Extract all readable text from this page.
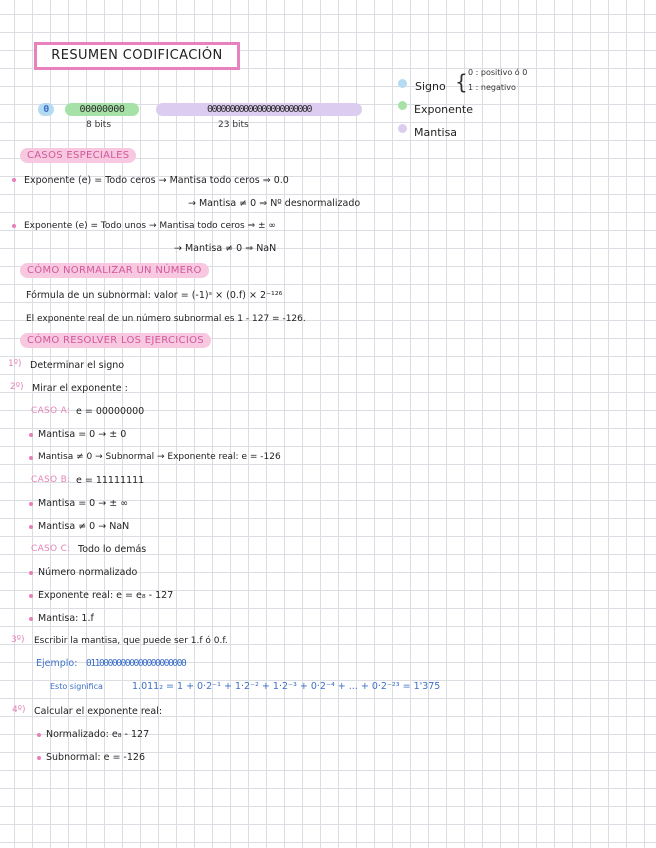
RESUMEN CODIFICACIÓN
Signo { 0 : positivo ó 0
1 : negativo
Exponente
Mantisa
0	00000000	00000000000000000000000
8 bits	23 bits
CASOS ESPECIALES
Exponente (e) = Todo ceros → Mantisa todo ceros ⇒ 0.0
→ Mantisa ≠ 0 ⇒ Nº desnormalizado
Exponente (e) = Todo unos → Mantisa todo ceros ⇒ ± ∞
→ Mantisa ≠ 0 ⇒ NaN
CÓMO NORMALIZAR UN NÚMERO
Fórmula de un subnormal: valor = (-1)ˢ × (0.f) × 2⁻¹²⁶
El exponente real de un número subnormal es 1 - 127 = -126.
CÓMO RESOLVER LOS EJERCICIOS
1º) Determinar el signo
2º) Mirar el exponente :
CASO A: e = 00000000
Mantisa = 0 → ± 0
Mantisa ≠ 0 → Subnormal → Exponente real: e = -126
CASO B: e = 11111111
Mantisa = 0 → ± ∞
Mantisa ≠ 0 → NaN
CASO C: Todo lo demás
Número normalizado
Exponente real: e = e₈ - 127
Mantisa: 1.f
3º) Escribir la mantisa, que puede ser 1.f ó 0.f.
Ejemplo: 01100000000000000000000
Esto significa	1.011₂ = 1 + 0·2⁻¹ + 1·2⁻² + 1·2⁻³ + 0·2⁻⁴ + ... + 0·2⁻²³ = 1'375
4º) Calcular el exponente real:
Normalizado: e₈ - 127
Subnormal: e = -126
